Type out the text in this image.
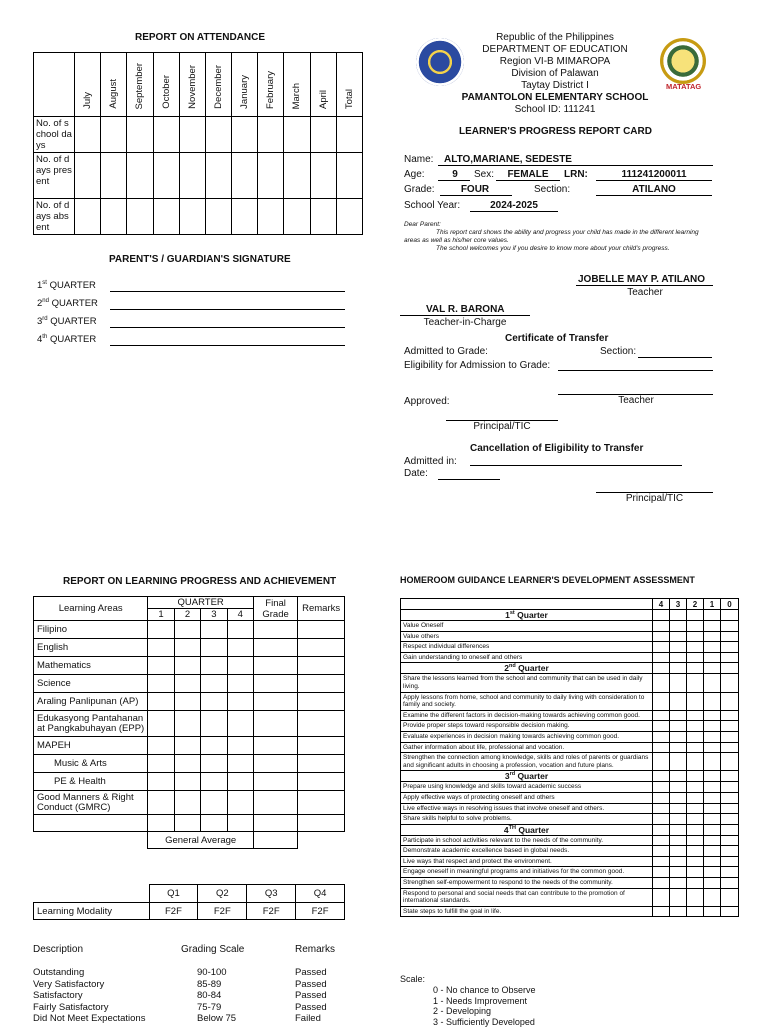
REPORT ON ATTENDANCE
	July	August	September	October	November	December	January	February	March	April	Total
No. of school days											
No. of days present											
No. of days absent											
PARENT'S / GUARDIAN'S SIGNATURE
1st QUARTER
2nd QUARTER
3rd QUARTER
4th QUARTER
MATATAG
Republic of the Philippines
DEPARTMENT OF EDUCATION
Region VI-B MIMAROPA
Division of Palawan
Taytay District I
PAMANTOLON ELEMENTARY SCHOOL
School ID: 111241
LEARNER'S PROGRESS REPORT CARD
Name: ALTO,MARIANE, SEDESTE
Age:	9	Sex:	FEMALE	LRN:	111241200011
Grade:	FOUR	Section:	ATILANO
School Year:	2024-2025
Dear Parent:
This report card shows the ability and progress your child has made in the different learning areas as well as his/her core values.
The school welcomes you if you desire to know more about your child's progress.
JOBELLE MAY P. ATILANO
Teacher
VAL R. BARONA
Teacher-in-Charge
Certificate of Transfer
Admitted to Grade:	Section:
Eligibility for Admission to Grade:
Approved:	Teacher
Principal/TIC
Cancellation of Eligibility to Transfer
Admitted in:
Date:
Principal/TIC
REPORT ON LEARNING PROGRESS AND ACHIEVEMENT
Learning Areas	QUARTER				Final Grade	Remarks
	1	2	3	4		
Filipino						
English						
Mathematics						
Science						
Araling Panlipunan (AP)						
Edukasyong Pantahanan at Pangkabuhayan (EPP)						
MAPEH						
Music & Arts						
PE & Health						
Good Manners & Right Conduct (GMRC)						

	General Average					
	Q1	Q2	Q3	Q4
Learning Modality	F2F	F2F	F2F	F2F
Description	Grading Scale	Remarks
Outstanding	90-100	Passed
Very Satisfactory	85-89	Passed
Satisfactory	80-84	Passed
Fairly Satisfactory	75-79	Passed
Did Not Meet Expectations	Below 75	Failed
HOMEROOM GUIDANCE LEARNER'S DEVELOPMENT ASSESSMENT
	4	3	2	1	0
1st Quarter					
Value Oneself					
Value others					
Respect individual differences					
Gain understanding to oneself and others					
2nd Quarter					
Share the lessons learned from the school and community that can be used in daily living.					
Apply lessons from home, school and community to daily living with consideration to family and society.					
Examine the different factors in decision-making towards achieving common good.					
Provide proper steps toward responsible decision making.					
Evaluate experiences in decision making towards achieving common good.					
Gather information about life, professional and vocation.					
Strengthen the connection among knowledge, skills and roles of parents or guardians and significant adults in choosing a profession, vocation and future plans.					
3rd Quarter					
Prepare using knowledge and skills toward academic success					
Apply effective ways of protecting oneself and others					
Live effective ways in resolving issues that involve oneself and others.					
Share skills helpful to solve problems.					
4TH Quarter					
Participate in school activities relevant to the needs of the community.					
Demonstrate academic excellence based in global needs.					
Live ways that respect and protect the environment.					
Engage oneself in meaningful programs and initiatives for the common good.					
Strengthen self-empowerment to respond to the needs of the community.					
Respond to personal and social needs that can contribute to the promotion of international standards.					
State steps to fulfill the goal in life.					
Scale:
0 - No chance to Observe
1 - Needs Improvement
2 - Developing
3 - Sufficiently Developed
